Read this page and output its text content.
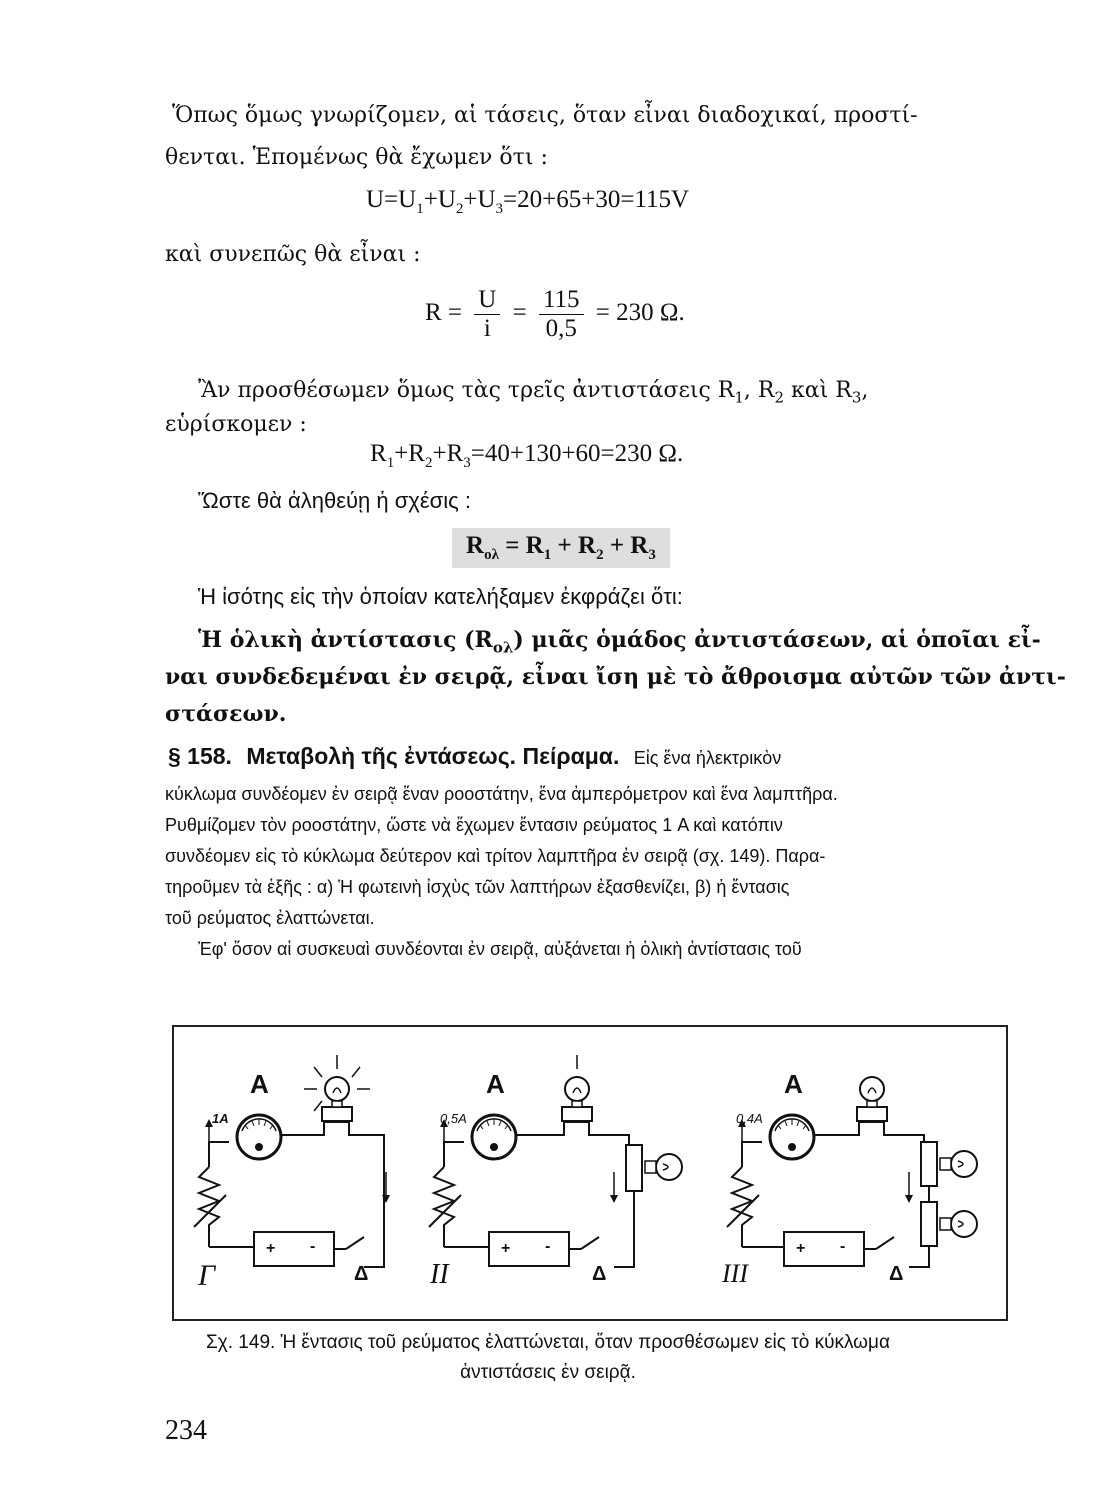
Ὅπως ὅμως γνωρίζομεν, αἱ τάσεις, ὅταν εἶναι διαδοχικαί, προστί-
θενται. Ἑπομένως θὰ ἔχωμεν ὅτι :
$U=U_1+U_2+U_3=20+65+30=115V$
καὶ συνεπῶς θὰ εἶναι :
$R = \frac{U}{i} = \frac{115}{0,5} = 230$ Ω.
Ἂν προσθέσωμεν ὅμως τὰς τρεῖς ἀντιστάσεις $R_1$, $R_2$ καὶ $R_3$,
εὑρίσκομεν :
$R_1+R_2+R_3=40+130+60=230$ Ω.
Ὥστε θὰ ἀληθεύῃ ἡ σχέσις :
$R_{o\lambda} = R_1 + R_2 + R_3$
Ἡ ἰσότης εἰς τὴν ὁποίαν κατελήξαμεν ἐκφράζει ὅτι:
Ἡ ὁλικὴ ἀντίστασις $(R_{o\lambda})$ μιᾶς ὁμάδος ἀντιστάσεων, αἱ ὁποῖαι εἶ-
ναι συνδεδεμέναι ἐν σειρᾷ, εἶναι ἴση μὲ τὸ ἄθροισμα αὐτῶν τῶν ἀντι-
στάσεων.
§ 158. Μεταβολὴ τῆς ἐντάσεως. Πείραμα. Εἰς ἕνα ἠλεκτρικὸν
κύκλωμα συνδέομεν ἐν σειρᾷ ἕναν ροοστάτην, ἕνα ἀμπερόμετρον καὶ ἕνα λαμπτῆρα.
Ρυθμίζομεν τὸν ροοστάτην, ὥστε νὰ ἔχωμεν ἔντασιν ρεύματος 1 A καὶ κατόπιν
συνδέομεν εἰς τὸ κύκλωμα δεύτερον καὶ τρίτον λαμπτῆρα ἐν σειρᾷ (σχ. 149). Παρα-
τηροῦμεν τὰ ἑξῆς : α) Ἡ φωτεινὴ ἰσχὺς τῶν λαπτήρων ἐξασθενίζει, β) ἡ ἔντασις
τοῦ ρεύματος ἐλαττώνεται.
Ἐφ' ὅσον αἱ συσκευαὶ συνδέονται ἐν σειρᾷ, αὐξάνεται ἡ ὁλικὴ ἀντίστασις τοῦ
A
1A
+ -
Δ
Γ
A
0,5A
+ -
Δ
II
A
0,4A
+ -
Δ
III
Σχ. 149. Ἡ ἔντασις τοῦ ρεύματος ἐλαττώνεται, ὅταν προσθέσωμεν εἰς τὸ κύκλωμα
ἀντιστάσεις ἐν σειρᾷ.
234
